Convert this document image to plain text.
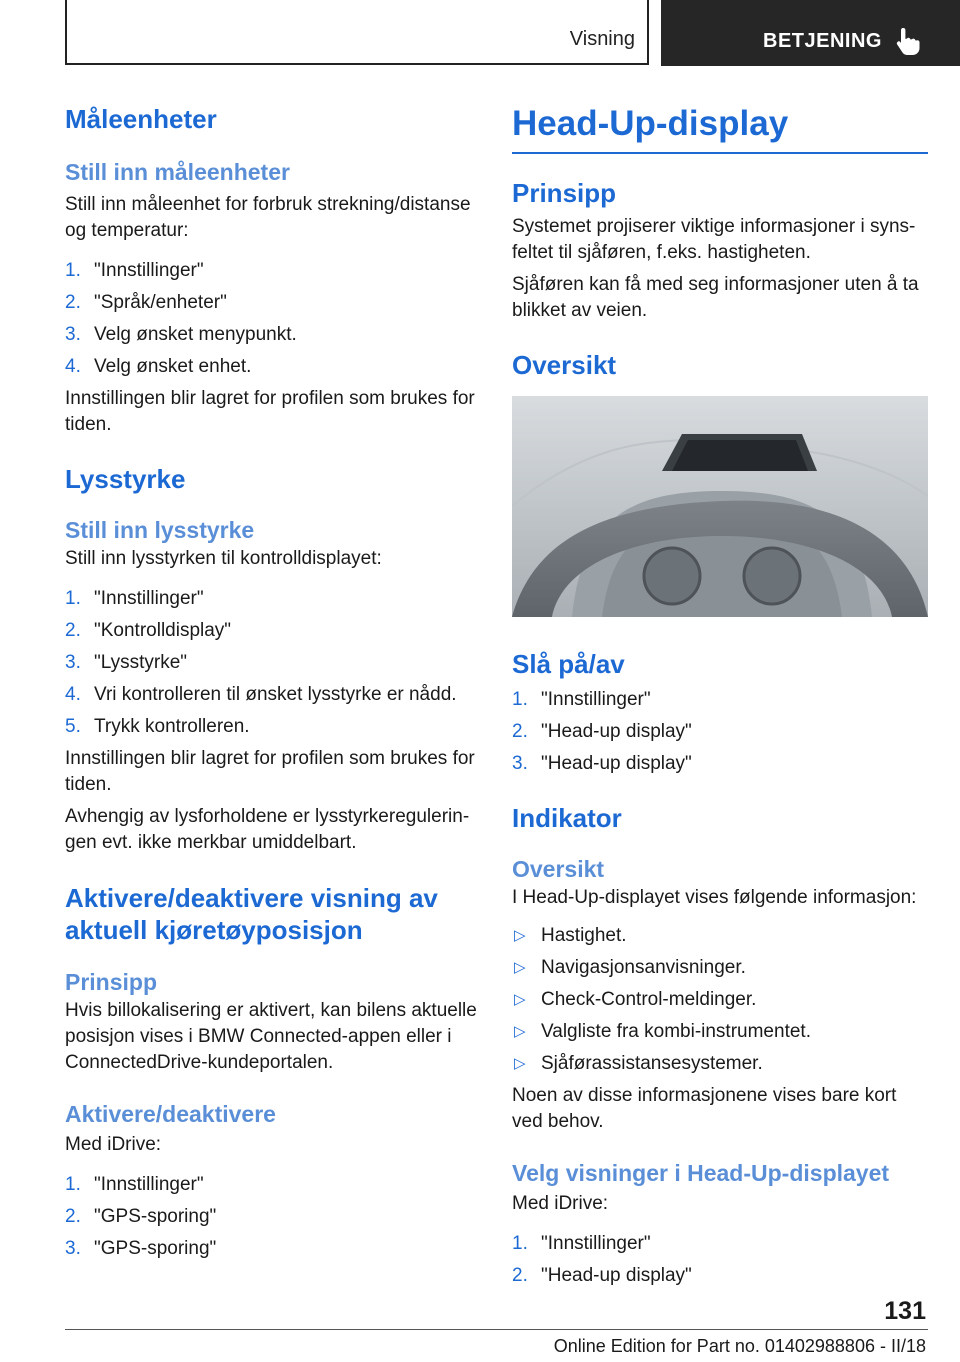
Visning	BETJENING
Måleenheter
Still inn måleenheter

Still inn måleenhet for forbruk strekning/distanse og temperatur:

1. "Innstillinger"
2. "Språk/enheter"
3. Velg ønsket menypunkt.
4. Velg ønsket enhet.

Innstillingen blir lagret for profilen som brukes for tiden.

Lysstyrke
Still inn lysstyrke

Still inn lysstyrken til kontrolldisplayet:

1. "Innstillinger"
2. "Kontrolldisplay"
3. "Lysstyrke"
4. Vri kontrolleren til ønsket lysstyrke er nådd.
5. Trykk kontrolleren.

Innstillingen blir lagret for profilen som brukes for tiden.

Avhengig av lysforholdene er lysstyrkereguleringen evt. ikke merkbar umiddelbart.

Aktivere/deaktivere visning av aktuell kjøretøyposisjon
Prinsipp

Hvis billokalisering er aktivert, kan bilens aktuelle posisjon vises i BMW Connected-appen eller i ConnectedDrive-kundeportalen.

Aktivere/deaktivere

Med iDrive:

1. "Innstillinger"
2. "GPS-sporing"
3. "GPS-sporing"
Head-Up-display
Prinsipp

Systemet projiserer viktige informasjoner i synsfeltet til sjåføren, f.eks. hastigheten.

Sjåføren kan få med seg informasjoner uten å ta blikket av veien.

Oversikt
Slå på/av
1. "Innstillinger"
2. "Head-up display"
3. "Head-up display"
Indikator
Oversikt

I Head-Up-displayet vises følgende informasjon:

▷ Hastighet.
▷ Navigasjonsanvisninger.
▷ Check-Control-meldinger.
▷ Valgliste fra kombi-instrumentet.
▷ Sjåførassistansesystemer.

Noen av disse informasjonene vises bare kort ved behov.

Velg visninger i Head-Up-displayet

Med iDrive:

1. "Innstillinger"
2. "Head-up display"
131
Online Edition for Part no. 01402988806 - II/18
